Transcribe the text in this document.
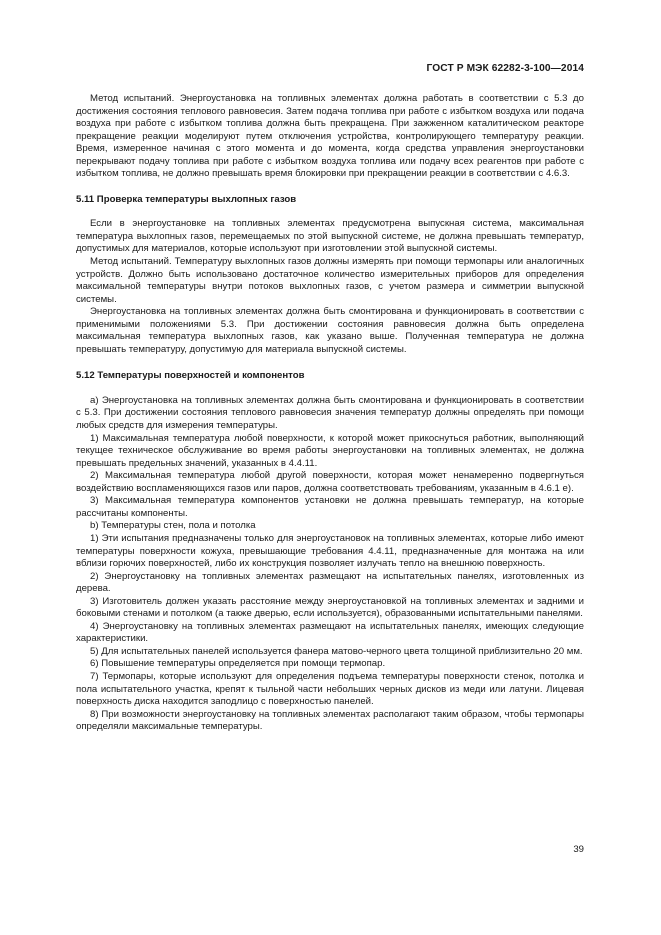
ГОСТ Р МЭК 62282-3-100—2014

Метод испытаний. Энергоустановка на топливных элементах должна работать в соответствии с 5.3 до достижения состояния теплового равновесия. Затем подача топлива при работе с избытком воздуха или подача воздуха при работе с избытком топлива должна быть прекращена. При зажженном каталитическом реакторе прекращение реакции моделируют путем отключения устройства, контролирующего температуру реакции. Время, измеренное начиная с этого момента и до момента, когда средства управления энергоустановки перекрывают подачу топлива при работе с избытком воздуха топлива или подачу всех реагентов при работе с избытком топлива, не должно превышать время блокировки при прекращении реакции в соответствии с 4.6.3.

5.11 Проверка температуры выхлопных газов

Если в энергоустановке на топливных элементах предусмотрена выпускная система, максимальная температура выхлопных газов, перемещаемых по этой выпускной системе, не должна превышать температур, допустимых для материалов, которые используют при изготовлении этой выпускной системы.

Метод испытаний. Температуру выхлопных газов должны измерять при помощи термопары или аналогичных устройств. Должно быть использовано достаточное количество измерительных приборов для определения максимальной температуры внутри потоков выхлопных газов, с учетом размера и симметрии выпускной системы.

Энергоустановка на топливных элементах должна быть смонтирована и функционировать в соответствии с применимыми положениями 5.3. При достижении состояния равновесия должна быть определена максимальная температура выхлопных газов, как указано выше. Полученная температура не должна превышать температуру, допустимую для материала выпускной системы.

5.12 Температуры поверхностей и компонентов

a) Энергоустановка на топливных элементах должна быть смонтирована и функционировать в соответствии с 5.3. При достижении состояния теплового равновесия значения температур должны определять при помощи любых средств для измерения температуры.

1) Максимальная температура любой поверхности, к которой может прикоснуться работник, выполняющий текущее техническое обслуживание во время работы энергоустановки на топливных элементах, не должна превышать предельных значений, указанных в 4.4.11.

2) Максимальная температура любой другой поверхности, которая может ненамеренно подвергнуться воздействию воспламеняющихся газов или паров, должна соответствовать требованиям, указанным в 4.6.1 е).

3) Максимальная температура компонентов установки не должна превышать температур, на которые рассчитаны компоненты.

b) Температуры стен, пола и потолка

1) Эти испытания предназначены только для энергоустановок на топливных элементах, которые либо имеют температуры поверхности кожуха, превышающие требования 4.4.11, предназначенные для монтажа на или вблизи горючих поверхностей, либо их конструкция позволяет излучать тепло на внешнюю поверхность.

2) Энергоустановку на топливных элементах размещают на испытательных панелях, изготовленных из дерева.

3) Изготовитель должен указать расстояние между энергоустановкой на топливных элементах и задними и боковыми стенами и потолком (а также дверью, если используется), образованными испытательными панелями.

4) Энергоустановку на топливных элементах размещают на испытательных панелях, имеющих следующие характеристики.

5) Для испытательных панелей используется фанера матово-черного цвета толщиной приблизительно 20 мм.

6) Повышение температуры определяется при помощи термопар.

7) Термопары, которые используют для определения подъема температуры поверхности стенок, потолка и пола испытательного участка, крепят к тыльной части небольших черных дисков из меди или латуни. Лицевая поверхность диска находится заподлицо с поверхностью панелей.

8) При возможности энергоустановку на топливных элементах располагают таким образом, чтобы термопары определяли максимальные температуры.

39
